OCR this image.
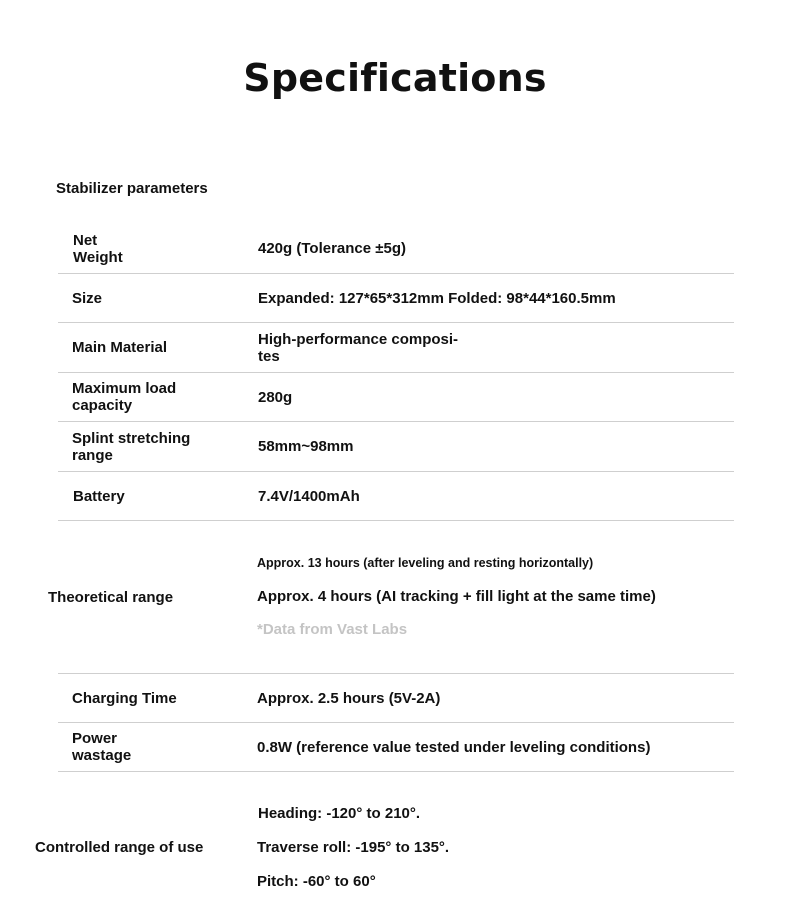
Specifications
Stabilizer parameters
Net
Weight	420g (Tolerance ±5g)
Size	Expanded: 127*65*312mm Folded: 98*44*160.5mm
Main Material	High-performance composi-
tes
Maximum load
capacity	280g
Splint stretching
range	58mm~98mm
Battery	7.4V/1400mAh
Theoretical range
Approx. 13 hours (after leveling and resting horizontally)
Approx. 4 hours (AI tracking + fill light at the same time)
*Data from Vast Labs
Charging Time	Approx. 2.5 hours (5V-2A)
Power
wastage	0.8W (reference value tested under leveling conditions)
Controlled range of use
Heading: -120° to 210°.
Traverse roll: -195° to 135°.
Pitch: -60° to 60°
